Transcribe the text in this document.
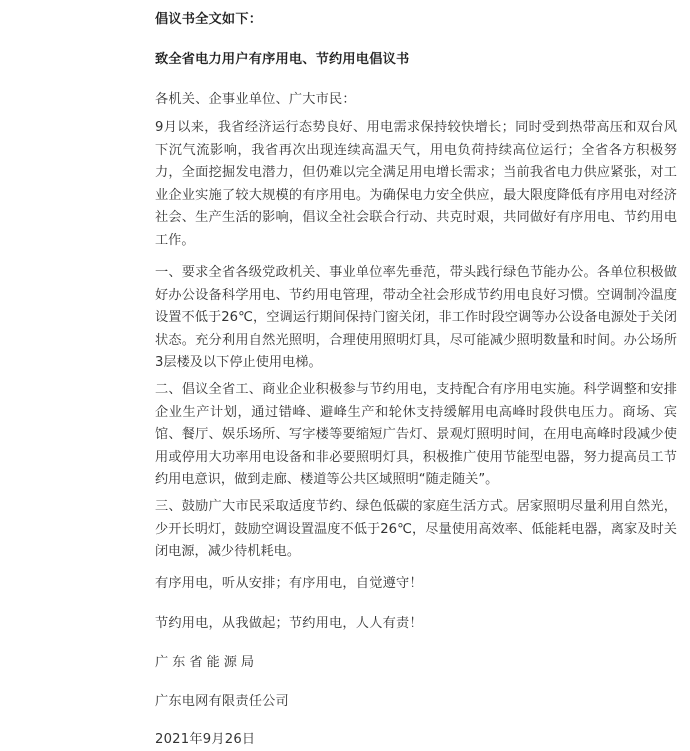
倡议书全文如下：
致全省电力用户有序用电、节约用电倡议书
各机关、企事业单位、广大市民：
9月以来，我省经济运行态势良好、用电需求保持较快增长；同时受到热带高压和双台风下沉气流影响，我省再次出现连续高温天气，用电负荷持续高位运行；全省各方积极努力，全面挖掘发电潜力，但仍难以完全满足用电增长需求；当前我省电力供应紧张，对工业企业实施了较大规模的有序用电。为确保电力安全供应，最大限度降低有序用电对经济社会、生产生活的影响，倡议全社会联合行动、共克时艰，共同做好有序用电、节约用电工作。
一、要求全省各级党政机关、事业单位率先垂范，带头践行绿色节能办公。各单位积极做好办公设备科学用电、节约用电管理，带动全社会形成节约用电良好习惯。空调制冷温度设置不低于26℃，空调运行期间保持门窗关闭，非工作时段空调等办公设备电源处于关闭状态。充分利用自然光照明，合理使用照明灯具，尽可能减少照明数量和时间。办公场所3层楼及以下停止使用电梯。
二、倡议全省工、商业企业积极参与节约用电，支持配合有序用电实施。科学调整和安排企业生产计划，通过错峰、避峰生产和轮休支持缓解用电高峰时段供电压力。商场、宾馆、餐厅、娱乐场所、写字楼等要缩短广告灯、景观灯照明时间，在用电高峰时段减少使用或停用大功率用电设备和非必要照明灯具，积极推广使用节能型电器，努力提高员工节约用电意识，做到走廊、楼道等公共区域照明“随走随关”。
三、鼓励广大市民采取适度节约、绿色低碳的家庭生活方式。居家照明尽量利用自然光，少开长明灯，鼓励空调设置温度不低于26℃，尽量使用高效率、低能耗电器，离家及时关闭电源，减少待机耗电。
有序用电，听从安排；有序用电，自觉遵守！
节约用电，从我做起；节约用电，人人有责！
广东省能源局
广东电网有限责任公司
2021年9月26日
